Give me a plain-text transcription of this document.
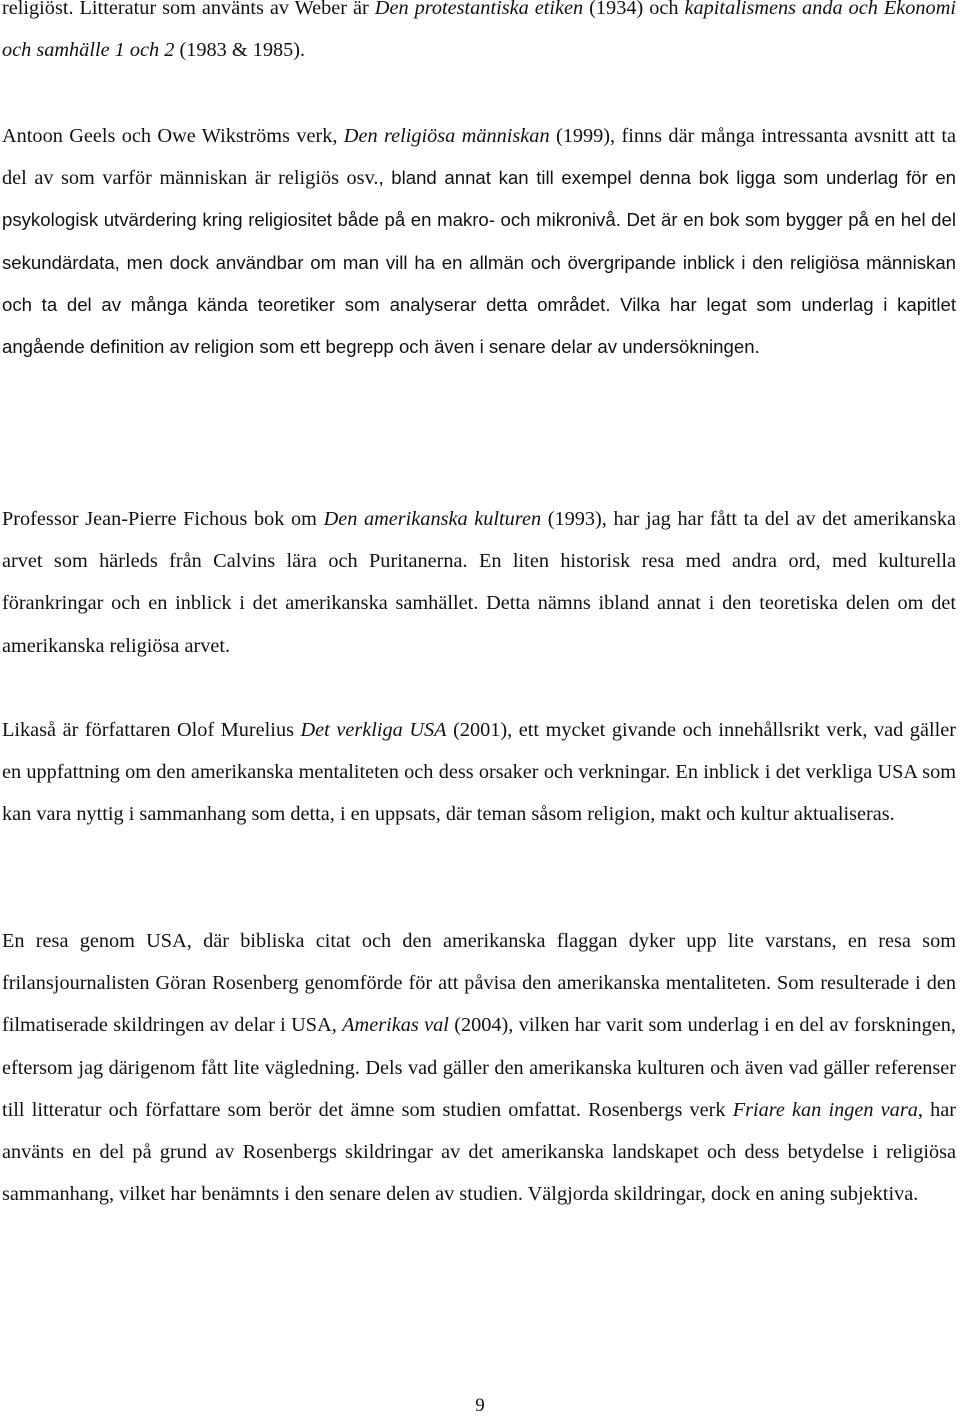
religiöst. Litteratur som använts av Weber är Den protestantiska etiken (1934) och kapitalismens anda och Ekonomi och samhälle 1 och 2 (1983 & 1985).

Antoon Geels och Owe Wikströms verk, Den religiösa människan (1999), finns där många intressanta avsnitt att ta del av som varför människan är religiös osv., bland annat kan till exempel denna bok ligga som underlag för en psykologisk utvärdering kring religiositet både på en makro- och mikronivå. Det är en bok som bygger på en hel del sekundärdata, men dock användbar om man vill ha en allmän och övergripande inblick i den religiösa människan och ta del av många kända teoretiker som analyserar detta området. Vilka har legat som underlag i kapitlet angående definition av religion som ett begrepp och även i senare delar av undersökningen.

Professor Jean-Pierre Fichous bok om Den amerikanska kulturen (1993), har jag har fått ta del av det amerikanska arvet som härleds från Calvins lära och Puritanerna. En liten historisk resa med andra ord, med kulturella förankringar och en inblick i det amerikanska samhället. Detta nämns ibland annat i den teoretiska delen om det amerikanska religiösa arvet.

Likaså är författaren Olof Murelius Det verkliga USA (2001), ett mycket givande och innehållsrikt verk, vad gäller en uppfattning om den amerikanska mentaliteten och dess orsaker och verkningar. En inblick i det verkliga USA som kan vara nyttig i sammanhang som detta, i en uppsats, där teman såsom religion, makt och kultur aktualiseras.

En resa genom USA, där bibliska citat och den amerikanska flaggan dyker upp lite varstans, en resa som frilansjournalisten Göran Rosenberg genomförde för att påvisa den amerikanska mentaliteten. Som resulterade i den filmatiserade skildringen av delar i USA, Amerikas val (2004), vilken har varit som underlag i en del av forskningen, eftersom jag därigenom fått lite vägledning. Dels vad gäller den amerikanska kulturen och även vad gäller referenser till litteratur och författare som berör det ämne som studien omfattat. Rosenbergs verk Friare kan ingen vara, har använts en del på grund av Rosenbergs skildringar av det amerikanska landskapet och dess betydelse i religiösa sammanhang, vilket har benämnts i den senare delen av studien. Välgjorda skildringar, dock en aning subjektiva.

9
